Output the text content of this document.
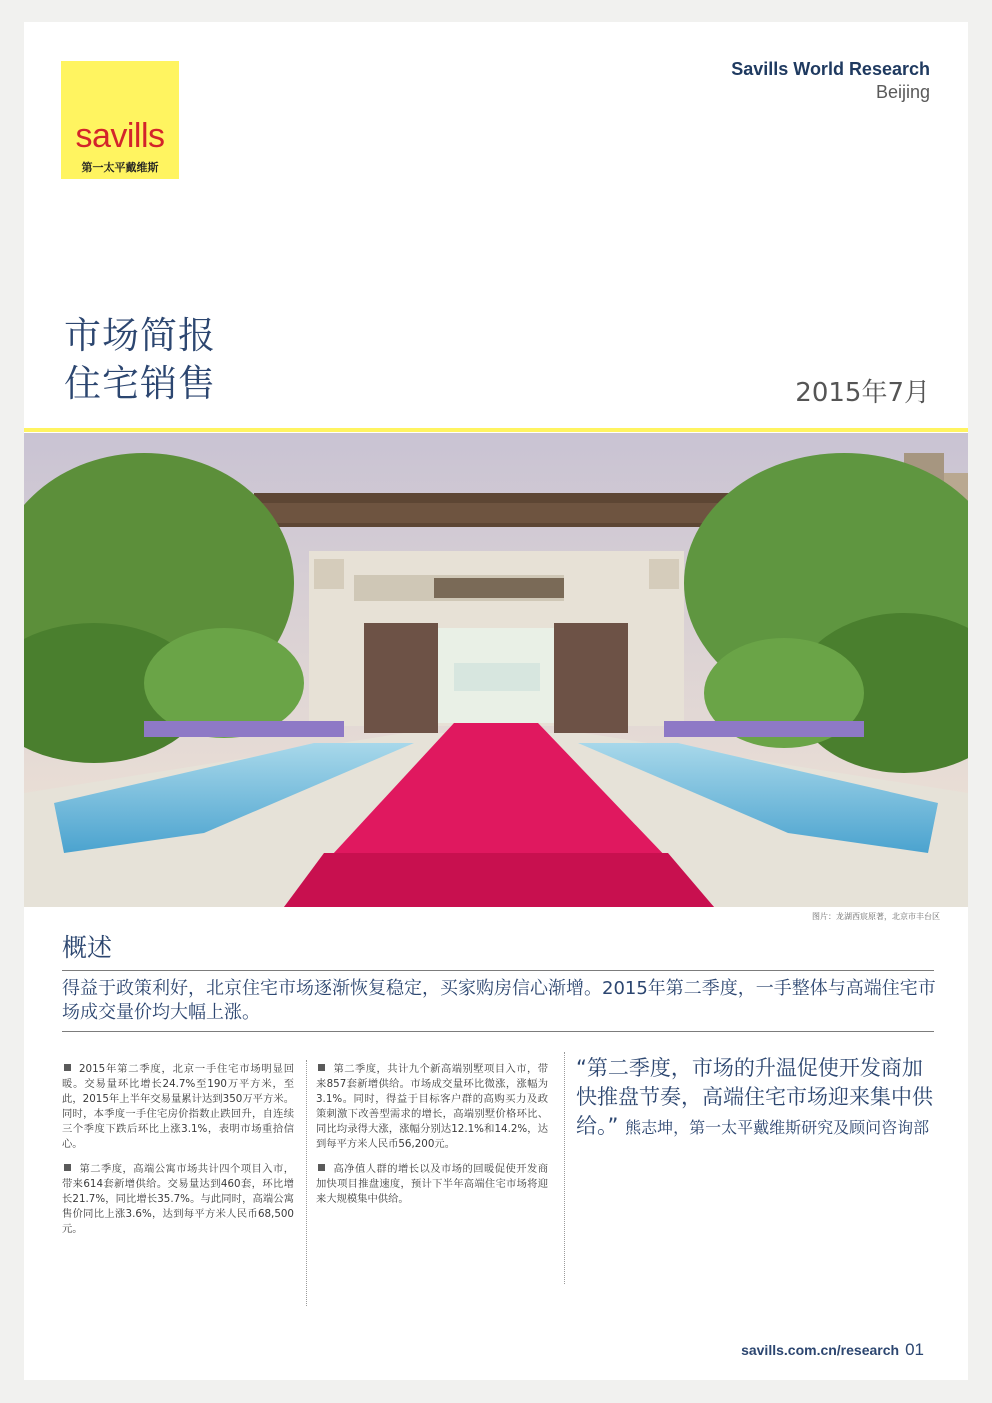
savills
第一太平戴维斯
Savills World Research
Beijing
市场简报
住宅销售	2015年7月
图片：龙湖西宸原著，北京市丰台区
概述
得益于政策利好，北京住宅市场逐渐恢复稳定，买家购房信心渐增。2015年第二季度，一手整体与高端住宅市场成交量价均大幅上涨。

2015年第二季度，北京一手住宅市场明显回暖。交易量环比增长24.7%至190万平方米，至此，2015年上半年交易量累计达到350万平方米。同时，本季度一手住宅房价指数止跌回升，自连续三个季度下跌后环比上涨3.1%，表明市场重拾信心。

第二季度，高端公寓市场共计四个项目入市，带来614套新增供给。交易量达到460套，环比增长21.7%，同比增长35.7%。与此同时，高端公寓售价同比上涨3.6%，达到每平方米人民币68,500元。

第二季度，共计九个新高端别墅项目入市，带来857套新增供给。市场成交量环比微涨，涨幅为3.1%。同时，得益于目标客户群的高购买力及政策刺激下改善型需求的增长，高端别墅价格环比、同比均录得大涨，涨幅分别达12.1%和14.2%，达到每平方米人民币56,200元。

高净值人群的增长以及市场的回暖促使开发商加快项目推盘速度，预计下半年高端住宅市场将迎来大规模集中供给。

“第二季度，市场的升温促使开发商加快推盘节奏，高端住宅市场迎来集中供给。” 熊志坤，第一太平戴维斯研究及顾问咨询部
savills.com.cn/research 01
